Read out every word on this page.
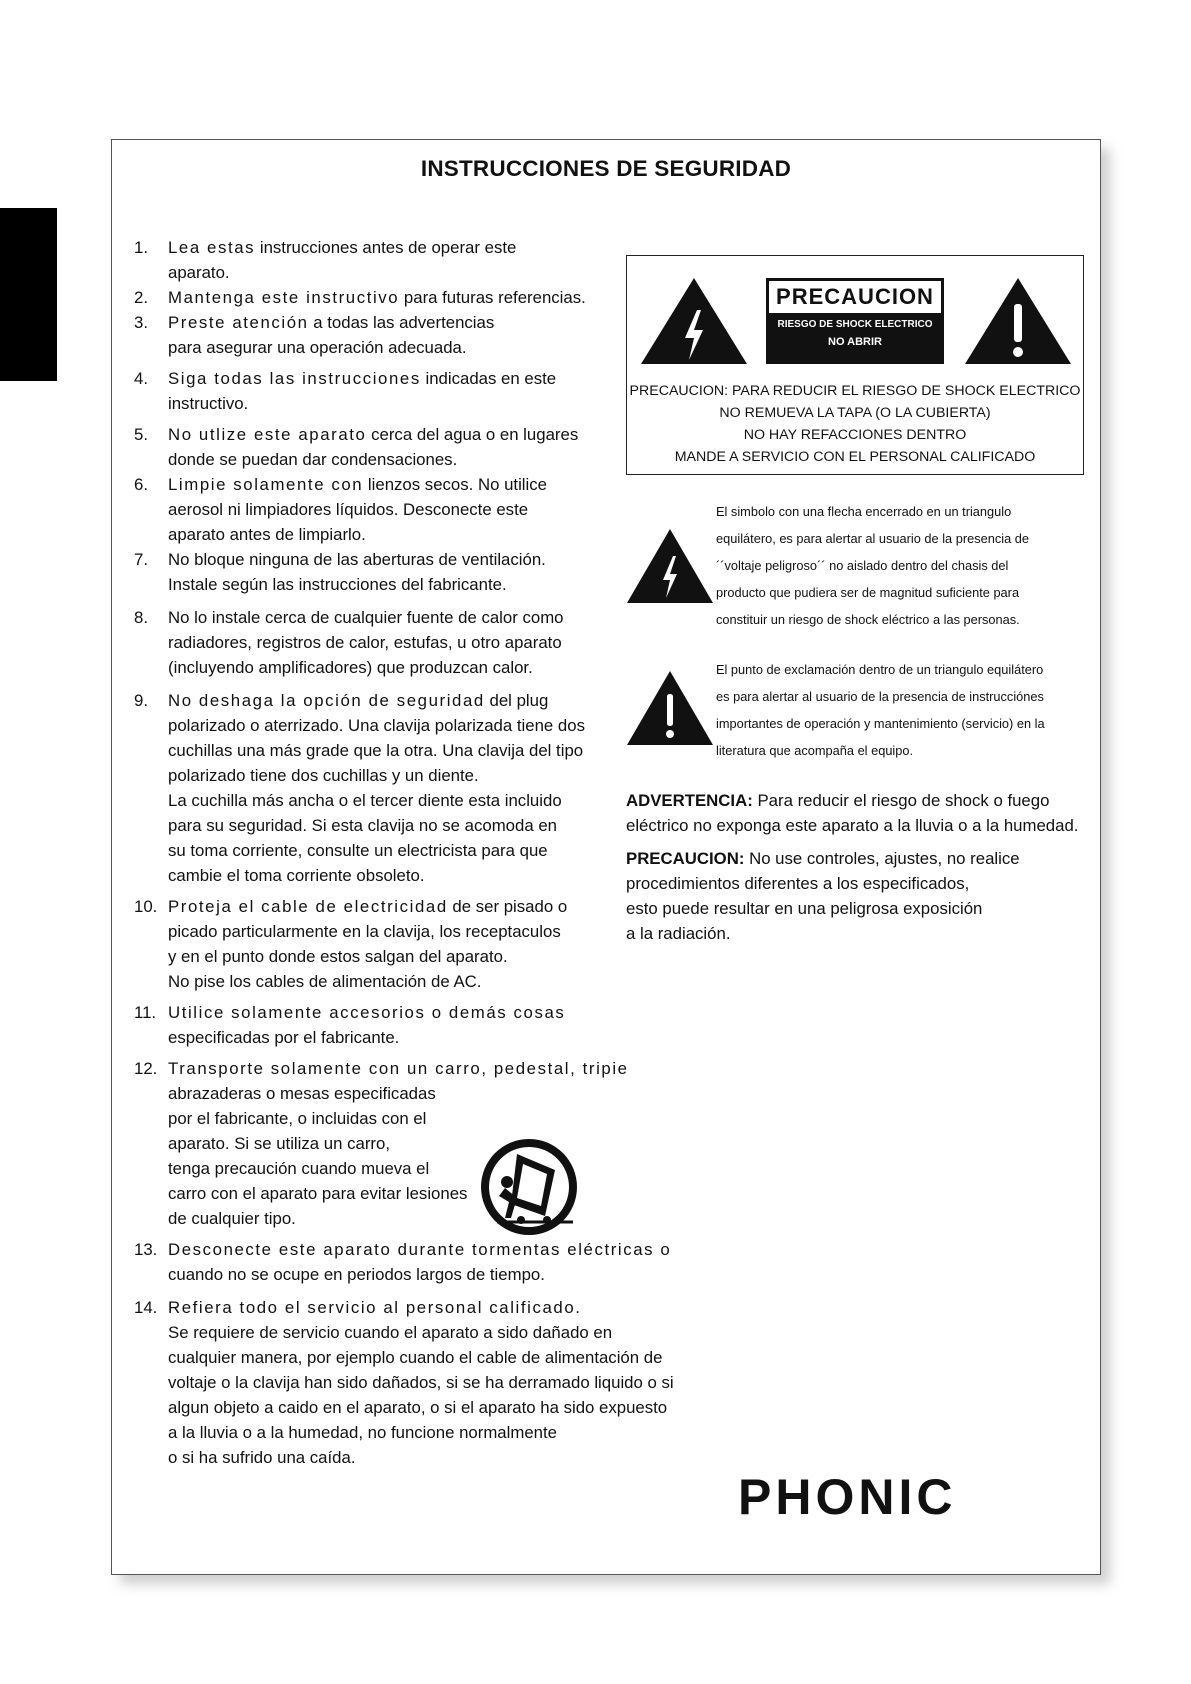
INSTRUCCIONES DE SEGURIDAD
1. Lea estas instrucciones antes de operar este

aparato.

2. Mantenga este instructivo para futuras referencias.

3. Preste atención a todas las advertencias

para asegurar una operación adecuada.

4. Siga todas las instrucciones indicadas en este

instructivo.

5. No utlize este aparato cerca del agua o en lugares

donde se puedan dar condensaciones.

6. Limpie solamente con lienzos secos. No utilice

aerosol ni limpiadores líquidos. Desconecte este

aparato antes de limpiarlo.

7. No bloque ninguna de las aberturas de ventilación.

Instale según las instrucciones del fabricante.

8. No lo instale cerca de cualquier fuente de calor como

radiadores, registros de calor, estufas, u otro aparato

(incluyendo amplificadores) que produzcan calor.

9. No deshaga la opción de seguridad del plug

polarizado o aterrizado. Una clavija polarizada tiene dos

cuchillas una más grade que la otra. Una clavija del tipo

polarizado tiene dos cuchillas y un diente.

La cuchilla más ancha o el tercer diente esta incluido

para su seguridad. Si esta clavija no se acomoda en

su toma corriente, consulte un electricista para que

cambie el toma corriente obsoleto.

10. Proteja el cable de electricidad de ser pisado o

picado particularmente en la clavija, los receptaculos

y en el punto donde estos salgan del aparato.

No pise los cables de alimentación de AC.

11. Utilice solamente accesorios o demás cosas

especificadas por el fabricante.

12. Transporte solamente con un carro, pedestal, tripie

abrazaderas o mesas especificadas

por el fabricante, o incluidas con el

aparato. Si se utiliza un carro,

tenga precaución cuando mueva el

carro con el aparato para evitar lesiones

de cualquier tipo.

13. Desconecte este aparato durante tormentas eléctricas o

cuando no se ocupe en periodos largos de tiempo.

14. Refiera todo el servicio al personal calificado.

Se requiere de servicio cuando el aparato a sido dañado en

cualquier manera, por ejemplo cuando el cable de alimentación de

voltaje o la clavija han sido dañados, si se ha derramado liquido o si

algun objeto a caido en el aparato, o si el aparato ha sido expuesto

a la lluvia o a la humedad, no funcione normalmente

o si ha sufrido una caída.

PRECAUCION
RIESGO DE SHOCK ELECTRICO
NO ABRIR
PRECAUCION: PARA REDUCIR EL RIESGO DE SHOCK ELECTRICO
NO REMUEVA LA TAPA (O LA CUBIERTA)
NO HAY REFACCIONES DENTRO
MANDE A SERVICIO CON EL PERSONAL CALIFICADO
El simbolo con una flecha encerrado en un triangulo
equilátero, es para alertar al usuario de la presencia de
´´voltaje peligroso´´ no aislado dentro del chasis del
producto que pudiera ser de magnitud suficiente para
constituir un riesgo de shock eléctrico a las personas.
El punto de exclamación dentro de un triangulo equilátero
es para alertar al usuario de la presencia de instrucciónes
importantes de operación y mantenimiento (servicio) en la
literatura que acompaña el equipo.

ADVERTENCIA: Para reducir el riesgo de shock o fuego eléctrico no exponga este aparato a la lluvia o a la humedad.

PRECAUCION: No use controles, ajustes, no realice
procedimientos diferentes a los especificados,
esto puede resultar en una peligrosa exposición
a la radiación.

PHONIC
